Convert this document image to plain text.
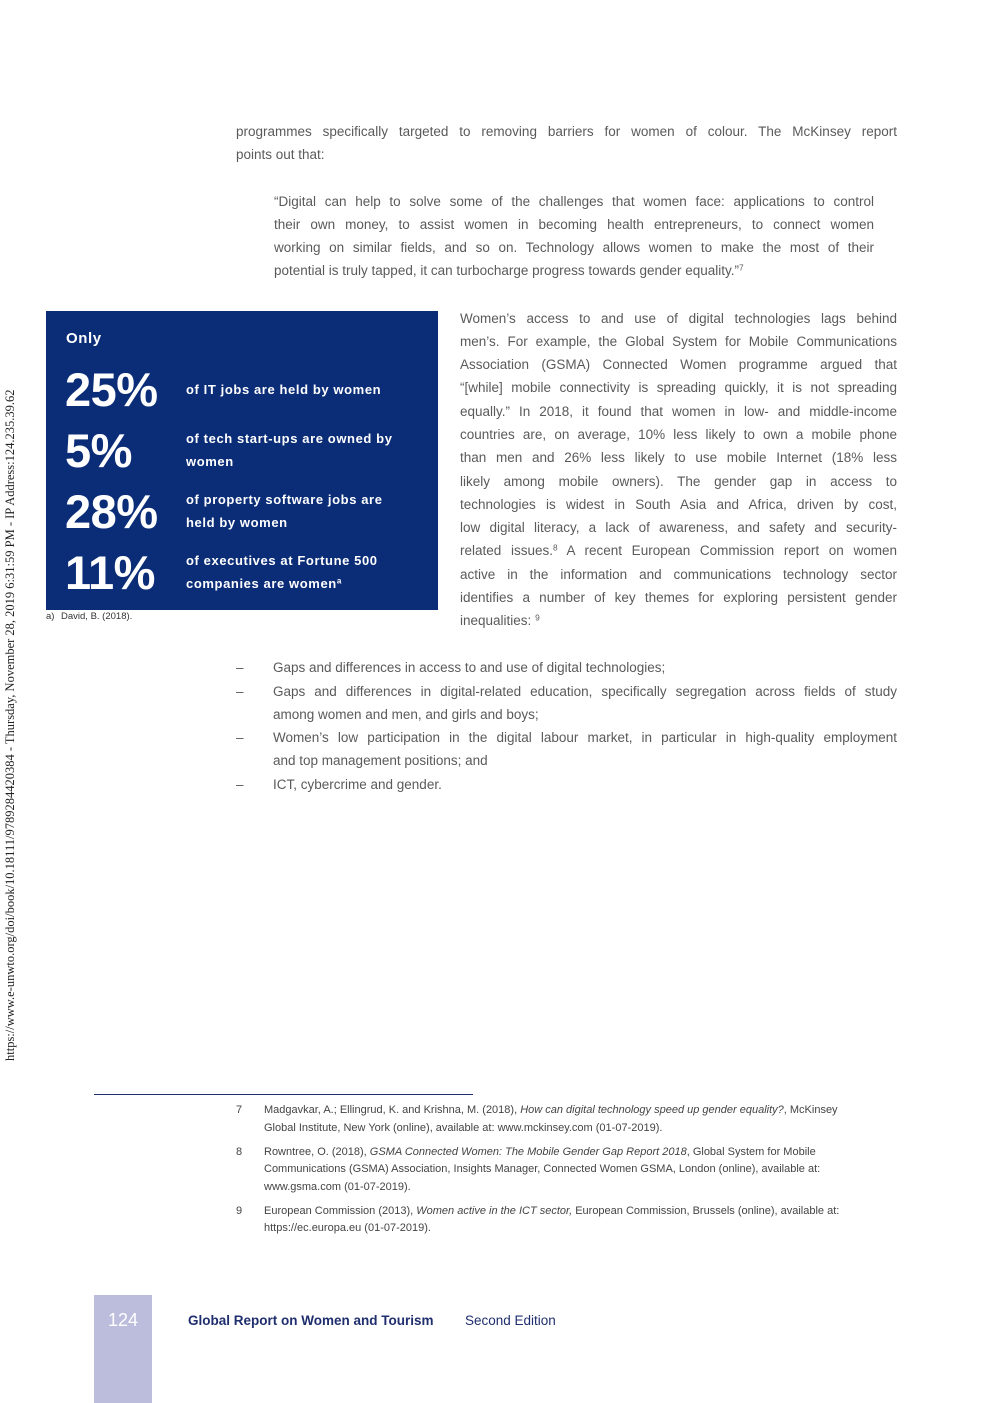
https://www.e-unwto.org/doi/book/10.18111/9789284420384 - Thursday, November 28, 2019 6:31:59 PM - IP Address:124.235.39.62
programmes specifically targeted to removing barriers for women of colour. The McKinsey report
points out that:
“Digital can help to solve some of the challenges that women face: applications to control
their own money, to assist women in becoming health entrepreneurs, to connect women
working on similar fields, and so on. Technology allows women to make the most of their
potential is truly tapped, it can turbocharge progress towards gender equality.”$^7$
Only
25%	of IT jobs are held by women
5%	of tech start-ups are owned by
women
28%	of property software jobs are
held by women
11%	of executives at Fortune 500
companies are women$^a$
a) David, B. (2018).
Women’s access to and use of digital technologies lags behind
men’s. For example, the Global System for Mobile Communications
Association (GSMA) Connected Women programme argued that
“[while] mobile connectivity is spreading quickly, it is not spreading
equally.” In 2018, it found that women in low- and middle-income
countries are, on average, 10% less likely to own a mobile phone
than men and 26% less likely to use mobile Internet (18% less
likely among mobile owners). The gender gap in access to
technologies is widest in South Asia and Africa, driven by cost,
low digital literacy, a lack of awareness, and safety and security-
related issues.$^8$ A recent European Commission report on women
active in the information and communications technology sector
identifies a number of key themes for exploring persistent gender
inequalities: $^9$
–	Gaps and differences in access to and use of digital technologies;
–	Gaps and differences in digital-related education, specifically segregation across fields of study
among women and men, and girls and boys;
–	Women’s low participation in the digital labour market, in particular in high-quality employment
and top management positions; and
–	ICT, cybercrime and gender.
7	Madgavkar, A.; Ellingrud, K. and Krishna, M. (2018), How can digital technology speed up gender equality?, McKinsey
Global Institute, New York (online), available at: www.mckinsey.com (01-07-2019).
8	Rowntree, O. (2018), GSMA Connected Women: The Mobile Gender Gap Report 2018, Global System for Mobile
Communications (GSMA) Association, Insights Manager, Connected Women GSMA, London (online), available at:
www.gsma.com (01-07-2019).
9	European Commission (2013), Women active in the ICT sector, European Commission, Brussels (online), available at:
https://ec.europa.eu (01-07-2019).
124	Global Report on Women and Tourism Second Edition
